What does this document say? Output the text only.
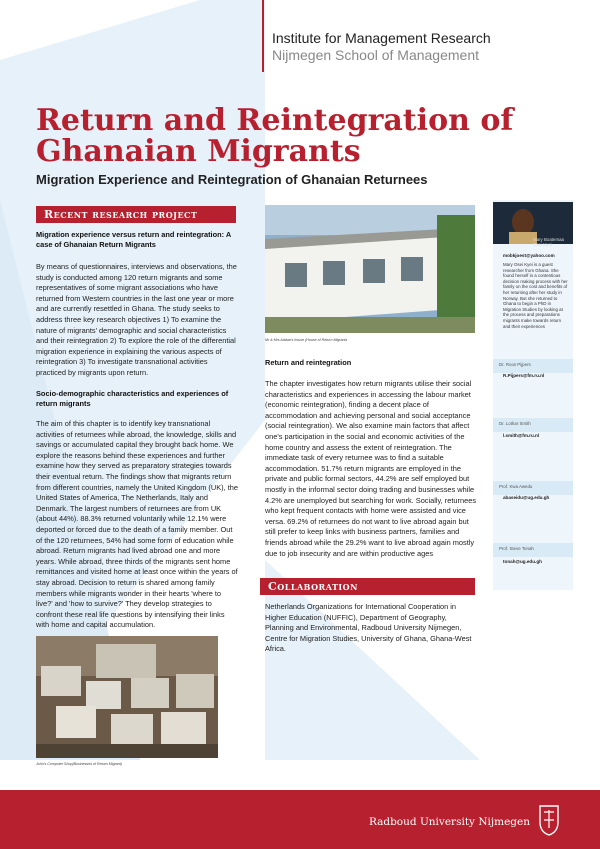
Institute for Management Research
Nijmegen School of Management
Return and Reintegration of Ghanaian Migrants
Migration Experience and Reintegration of Ghanaian Returnees
Recent research project
Migration experience versus return and reintegration: A case of Ghanaian Return Migrants
By means of questionnaires, interviews and observations, the study is conducted among 120 return migrants and some representatives of some migrant associations who have returned from Western countries in the last one year or more and are currently resettled in Ghana. The study seeks to address three key research objectives 1) To examine the nature of migrants' demographic and social characteristics and their reintegration 2) To explore the role of the differential migration experience in explaining the various aspects of reintegration 3) To investigate transnational activities practiced by migrants upon return.
Socio-demographic characteristics and experiences of return migrants
The aim of this chapter is to identify key transnational activities of returnees while abroad, the knowledge, skills and savings or accumulated capital they brought back home. We explore the reasons behind these experiences and further examine how they served as preparatory strategies towards their eventual return. The findings show that migrants return from different countries, namely the United Kingdom (UK), the United States of America, The Netherlands, Italy and Denmark. The largest numbers of returnees are from UK (about 44%). 88.3% returned voluntarily while 12.1% were deported or forced due to the death of a family member. Out of the 120 returnees, 54% had some form of education while abroad. Return migrants had lived abroad one and more years. While abroad, three thirds of the migrants sent home remittances and visited home at least once within the years of stay abroad. Decision to return is shared among family members while migrants wonder in their hearts 'where to live?' and 'how to survive?' They develop strategies to confront these real life questions by intensifying their links with home and capital accumulation.
John's Computer Shop(Businesses of Return Migrant)
Mr & Mrs Addae's house (House of Return Migrants
Return and reintegration
The chapter investigates how return migrants utilise their social characteristics and experiences in accessing the labour market (economic reintegration), finding a decent place of accommodation and achieving personal and social acceptance (social reintegration). We also examine main factors that affect one's participation in the social and economic activities of the home country and assess the extent of reintegration. The immediate task of every returnee was to find a suitable accommodation. 51.7% return migrants are employed in the private and public formal sectors, 44.2% are self employed but mostly in the informal sector doing trading and businesses while 4.2% are unemployed but searching for work. Socially, returnees who kept frequent contacts with home were assisted and vice versa. 69.2% of returnees do not want to live abroad again but still prefer to keep links with business partners, families and friends abroad while the 29.2% want to live abroad again mostly due to job insecurity and are within productive ages
Collaboration
Netherlands Organizations for International Cooperation in Higher Education (NUFFIC), Department of Geography, Planning and Environmental, Radboud University Nijmegen, Centre for Migration Studies, University of Ghana, Ghana-West Africa.
Mary Boatemaa Osei Kyei
mobkjoest@yahoo.com
Mary Osei Kyei is a guest researcher from Ghana. She found herself in a contentious decision making process with her family on the cost and benefits of her returning after her study in Norway. But she returned to Ghana to begin a PhD in Migration Studies by looking at the process and preparations migrants make towards return and their experiences
Dr. Roos Pijpers
R.Pijpers@fm.ru.nl
Dr. Lothar Smith
l.smith@fm.ru.nl
Prof. Kwa Awedu
abaseidu@ug.edu.gh
Prof. Steve Tonah
tonah@ug.edu.gh
Radboud University Nijmegen
